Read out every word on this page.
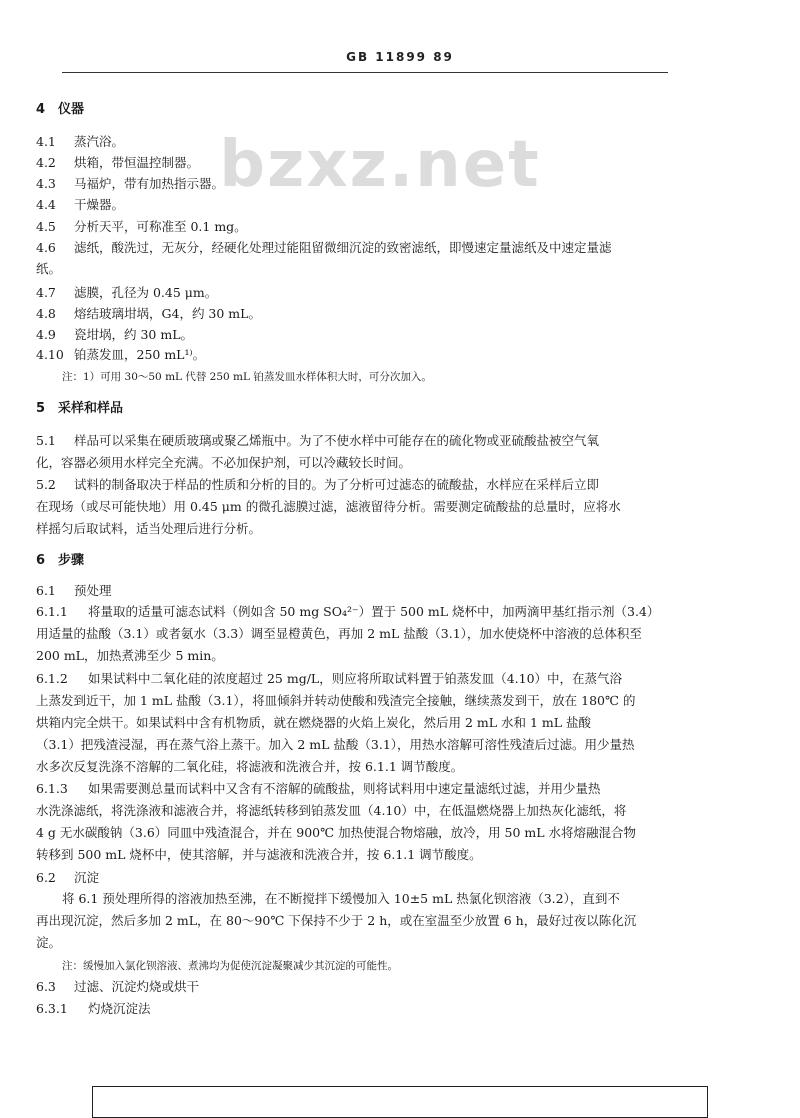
GB 11899 89
bzxz.net
4 仪器
4.1 蒸汽浴。
4.2 烘箱，带恒温控制器。
4.3 马福炉，带有加热指示器。
4.4 干燥器。
4.5 分析天平，可称准至 0.1 mg。
4.6 滤纸，酸洗过，无灰分，经硬化处理过能阻留微细沉淀的致密滤纸，即慢速定量滤纸及中速定量滤
纸。
4.7 滤膜，孔径为 0.45 μm。
4.8 熔结玻璃坩埚，G4，约 30 mL。
4.9 瓷坩埚，约 30 mL。
4.10 铂蒸发皿，250 mL¹⁾。
注：1）可用 30～50 mL 代替 250 mL 铂蒸发皿水样体积大时，可分次加入。
5 采样和样品
5.1 样品可以采集在硬质玻璃或聚乙烯瓶中。为了不使水样中可能存在的硫化物或亚硫酸盐被空气氧
化，容器必须用水样完全充满。不必加保护剂，可以冷藏较长时间。
5.2 试料的制备取决于样品的性质和分析的目的。为了分析可过滤态的硫酸盐，水样应在采样后立即
在现场（或尽可能快地）用 0.45 μm 的微孔滤膜过滤，滤液留待分析。需要测定硫酸盐的总量时，应将水
样摇匀后取试料，适当处理后进行分析。
6 步骤
6.1 预处理
6.1.1 将量取的适量可滤态试料（例如含 50 mg SO₄²⁻）置于 500 mL 烧杯中，加两滴甲基红指示剂（3.4）
用适量的盐酸（3.1）或者氨水（3.3）调至显橙黄色，再加 2 mL 盐酸（3.1），加水使烧杯中溶液的总体积至
200 mL，加热煮沸至少 5 min。
6.1.2 如果试料中二氧化硅的浓度超过 25 mg/L，则应将所取试料置于铂蒸发皿（4.10）中，在蒸气浴
上蒸发到近干，加 1 mL 盐酸（3.1），将皿倾斜并转动使酸和残渣完全接触，继续蒸发到干，放在 180℃ 的
烘箱内完全烘干。如果试料中含有机物质，就在燃烧器的火焰上炭化，然后用 2 mL 水和 1 mL 盐酸
（3.1）把残渣浸湿，再在蒸气浴上蒸干。加入 2 mL 盐酸（3.1），用热水溶解可溶性残渣后过滤。用少量热
水多次反复洗涤不溶解的二氧化硅，将滤液和洗液合并，按 6.1.1 调节酸度。
6.1.3 如果需要测总量而试料中又含有不溶解的硫酸盐，则将试料用中速定量滤纸过滤，并用少量热
水洗涤滤纸，将洗涤液和滤液合并，将滤纸转移到铂蒸发皿（4.10）中，在低温燃烧器上加热灰化滤纸，将
4 g 无水碳酸钠（3.6）同皿中残渣混合，并在 900℃ 加热使混合物熔融，放冷，用 50 mL 水将熔融混合物
转移到 500 mL 烧杯中，使其溶解，并与滤液和洗液合并，按 6.1.1 调节酸度。
6.2 沉淀
将 6.1 预处理所得的溶液加热至沸，在不断搅拌下缓慢加入 10±5 mL 热氯化钡溶液（3.2），直到不
再出现沉淀，然后多加 2 mL，在 80～90℃ 下保持不少于 2 h，或在室温至少放置 6 h，最好过夜以陈化沉
淀。
注：缓慢加入氯化钡溶液、煮沸均为促使沉淀凝聚减少其沉淀的可能性。
6.3 过滤、沉淀灼烧或烘干
6.3.1 灼烧沉淀法
